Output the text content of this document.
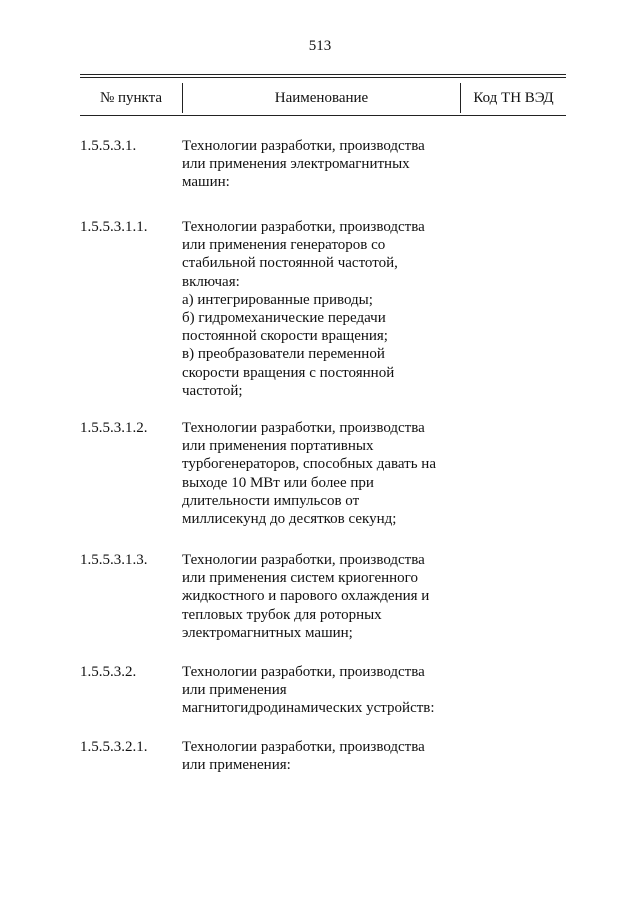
513
№ пункта	Наименование	Код ТН ВЭД
1.5.5.3.1.	Технологии разработки, производства
или применения электромагнитных
машин:
1.5.5.3.1.1.	Технологии разработки, производства
или применения генераторов со
стабильной постоянной частотой,
включая:
а) интегрированные приводы;
б) гидромеханические передачи
постоянной скорости вращения;
в) преобразователи переменной
скорости вращения с постоянной
частотой;
1.5.5.3.1.2.	Технологии разработки, производства
или применения портативных
турбогенераторов, способных давать на
выходе 10 МВт или более при
длительности импульсов от
миллисекунд до десятков секунд;
1.5.5.3.1.3.	Технологии разработки, производства
или применения систем криогенного
жидкостного и парового охлаждения и
тепловых трубок для роторных
электромагнитных машин;
1.5.5.3.2.	Технологии разработки, производства
или применения
магнитогидродинамических устройств:
1.5.5.3.2.1.	Технологии разработки, производства
или применения:
